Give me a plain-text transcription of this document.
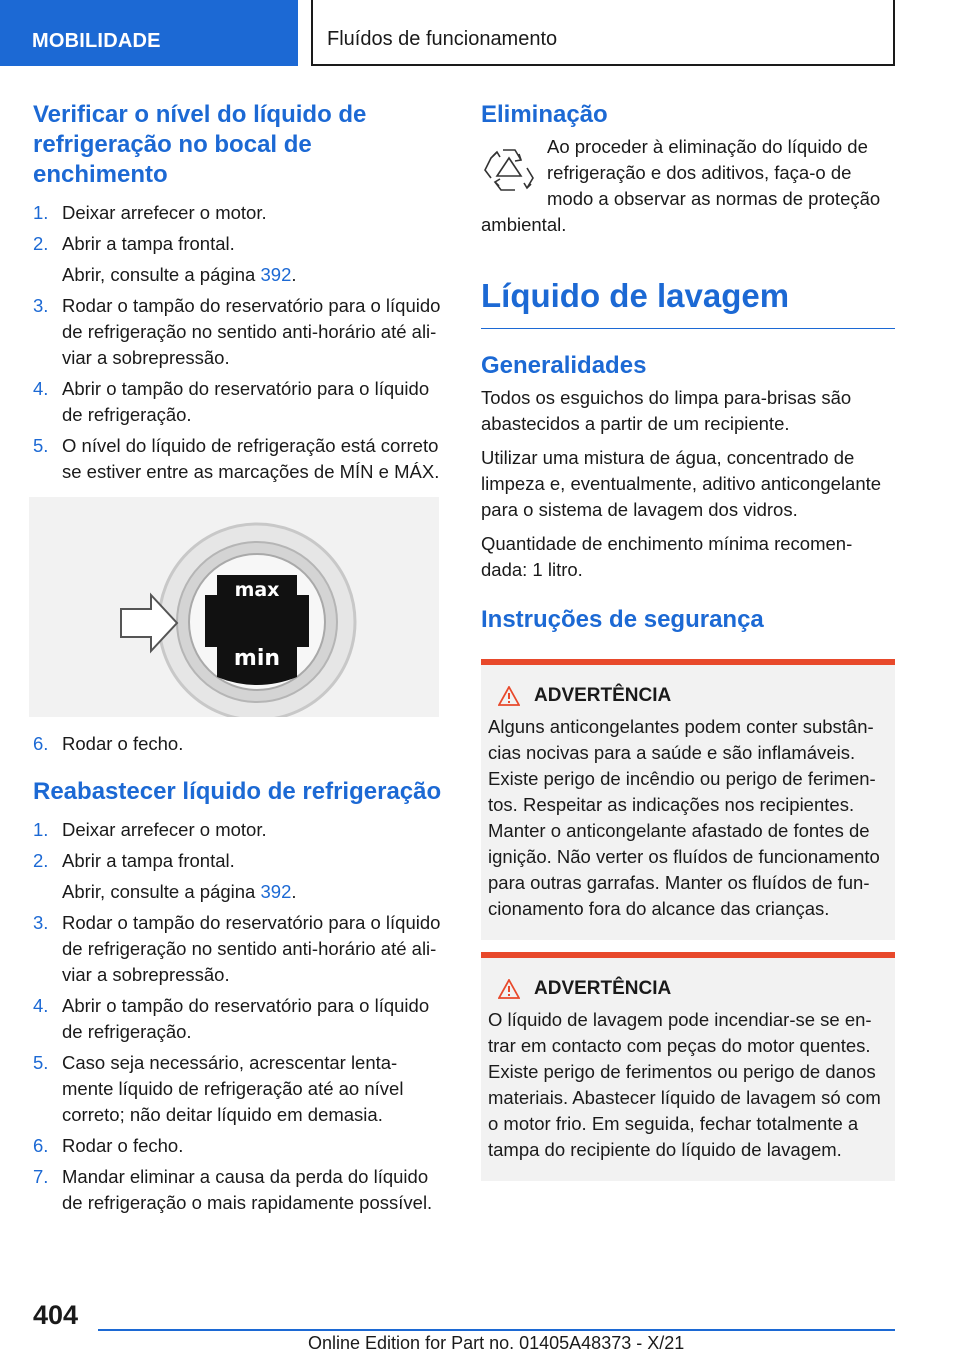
MOBILIDADE	Fluídos de funcionamento
Verificar o nível do líquido de refrigeração no bocal de enchimento
1. Deixar arrefecer o motor.
2. Abrir a tampa frontal.
Abrir, consulte a página 392.
3. Rodar o tampão do reservatório para o líquido de refrigeração no sentido anti-horário até ali-viar a sobrepressão.
4. Abrir o tampão do reservatório para o líquido de refrigeração.
5. O nível do líquido de refrigeração está correto se estiver entre as marcações de MÍN e MÁX.
max
min
6. Rodar o fecho.
Reabastecer líquido de refrigeração
1. Deixar arrefecer o motor.
2. Abrir a tampa frontal.
Abrir, consulte a página 392.
3. Rodar o tampão do reservatório para o líquido de refrigeração no sentido anti-horário até ali-viar a sobrepressão.
4. Abrir o tampão do reservatório para o líquido de refrigeração.
5. Caso seja necessário, acrescentar lenta-mente líquido de refrigeração até ao nível correto; não deitar líquido em demasia.
6. Rodar o fecho.
7. Mandar eliminar a causa da perda do líquido de refrigeração o mais rapidamente possível.
Eliminação

Ao proceder à eliminação do líquido de refrigeração e dos aditivos, faça-o de modo a observar as normas de proteção

ambiental.

Líquido de lavagem
Generalidades

Todos os esguichos do limpa para-brisas são abastecidos a partir de um recipiente.

Utilizar uma mistura de água, concentrado de limpeza e, eventualmente, aditivo anticongelante para o sistema de lavagem dos vidros.

Quantidade de enchimento mínima recomen-dada: 1 litro.

Instruções de segurança
ADVERTÊNCIA

Alguns anticongelantes podem conter substân-cias nocivas para a saúde e são inflamáveis. Existe perigo de incêndio ou perigo de ferimen-tos. Respeitar as indicações nos recipientes. Manter o anticongelante afastado de fontes de ignição. Não verter os fluídos de funcionamento para outras garrafas. Manter os fluídos de fun-cionamento fora do alcance das crianças.

ADVERTÊNCIA

O líquido de lavagem pode incendiar-se se en-trar em contacto com peças do motor quentes. Existe perigo de ferimentos ou perigo de danos materiais. Abastecer líquido de lavagem só com o motor frio. Em seguida, fechar totalmente a tampa do recipiente do líquido de lavagem.

404
Online Edition for Part no. 01405A48373 - X/21
